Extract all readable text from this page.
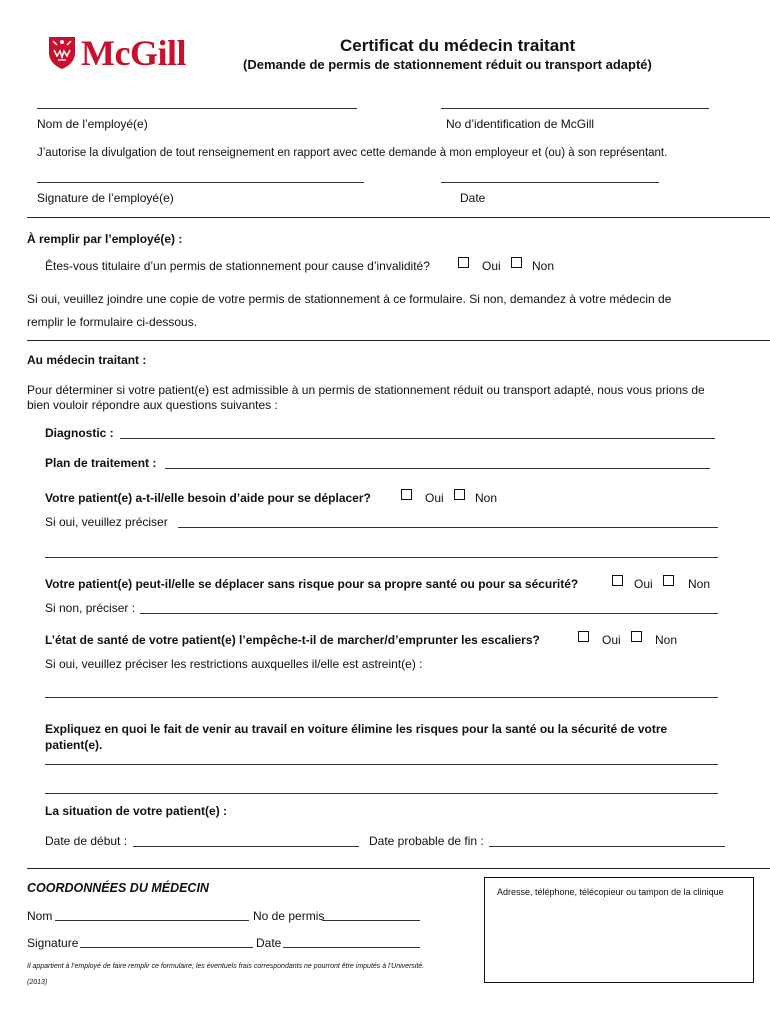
McGill	Certificat du médecin traitant
(Demande de permis de stationnement réduit ou transport adapté)
Nom de l’employé(e)	No d’identification de McGill
J’autorise la divulgation de tout renseignement en rapport avec cette demande à mon employeur et (ou) à son représentant.
Signature de l’employé(e)	Date
À remplir par l’employé(e) :
Êtes-vous titulaire d’un permis de stationnement pour cause d’invalidité?	Oui	Non
Si oui, veuillez joindre une copie de votre permis de stationnement à ce formulaire. Si non, demandez à votre médecin de
remplir le formulaire ci-dessous.
Au médecin traitant :
Pour déterminer si votre patient(e) est admissible à un permis de stationnement réduit ou transport adapté, nous vous prions de
bien vouloir répondre aux questions suivantes :
Diagnostic :
Plan de traitement :
Votre patient(e) a-t-il/elle besoin d’aide pour se déplacer?	Oui	Non
Si oui, veuillez préciser
Votre patient(e) peut-il/elle se déplacer sans risque pour sa propre santé ou pour sa sécurité?	Oui	Non
Si non, préciser :
L’état de santé de votre patient(e) l’empêche-t-il de marcher/d’emprunter les escaliers?	Oui	Non
Si oui, veuillez préciser les restrictions auxquelles il/elle est astreint(e) :
Expliquez en quoi le fait de venir au travail en voiture élimine les risques pour la santé ou la sécurité de votre
patient(e).
La situation de votre patient(e) :
Date de début :	Date probable de fin :
COORDONNÉES DU MÉDECIN
Nom	No de permis
Signature	Date
Il appartient à l’employé de faire remplir ce formulaire; les éventuels frais correspondants ne pourront être imputés à l’Université.
(2013)
Adresse, téléphone, télécopieur ou tampon de la clinique
